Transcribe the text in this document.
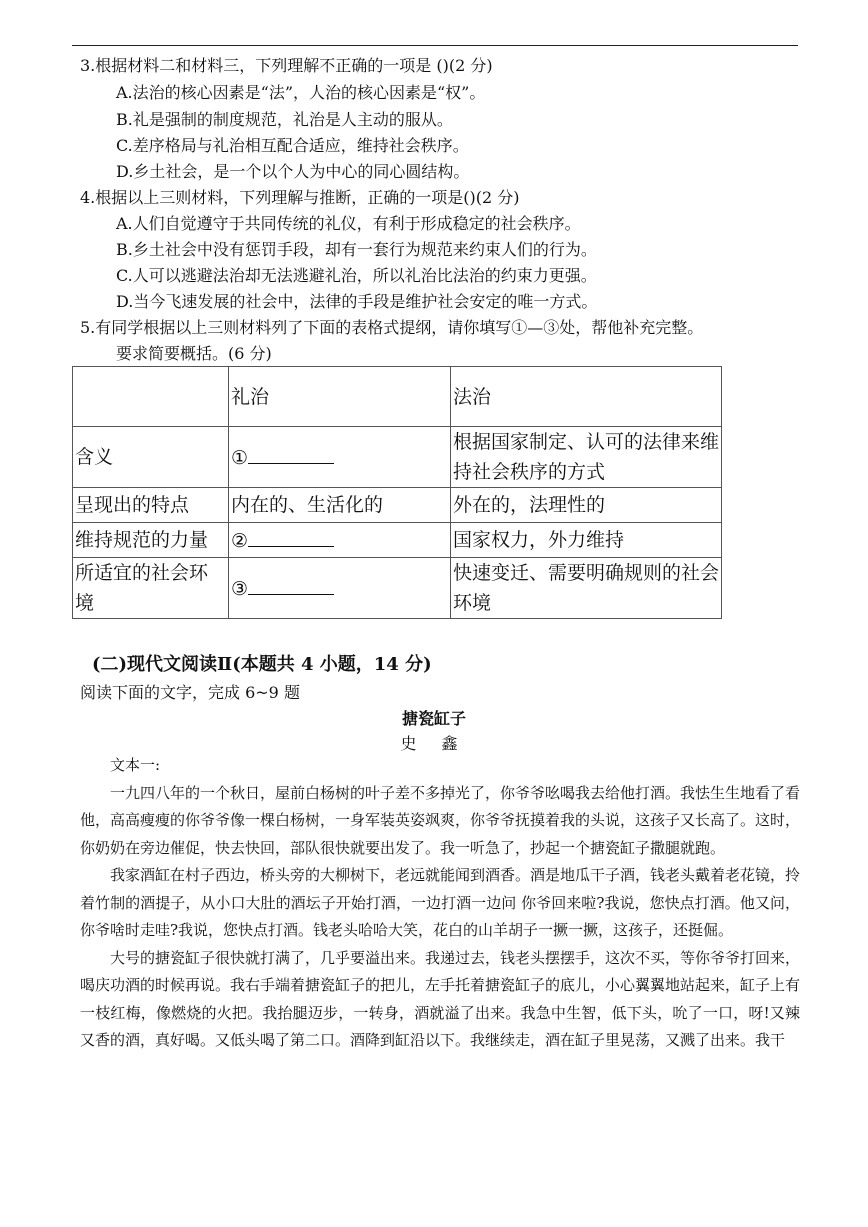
3.根据材料二和材料三，下列理解不正确的一项是 ()(2 分)
A.法治的核心因素是“法”，人治的核心因素是“权”。
B.礼是强制的制度规范，礼治是人主动的服从。
C.差序格局与礼治相互配合适应，维持社会秩序。
D.乡土社会，是一个以个人为中心的同心圆结构。
4.根据以上三则材料，下列理解与推断，正确的一项是()(2 分)
A.人们自觉遵守于共同传统的礼仪，有利于形成稳定的社会秩序。
B.乡土社会中没有惩罚手段，却有一套行为规范来约束人们的行为。
C.人可以逃避法治却无法逃避礼治，所以礼治比法治的约束力更强。
D.当今飞速发展的社会中，法律的手段是维护社会安定的唯一方式。
5.有同学根据以上三则材料列了下面的表格式提纲，请你填写①—③处，帮他补充完整。
要求简要概括。(6 分)
	礼治	法治
含义	①	根据国家制定、认可的法律来维持社会秩序的方式
呈现出的特点	内在的、生活化的	外在的，法理性的
维持规范的力量	②	国家权力，外力维持
所适宜的社会环境	③	快速变迁、需要明确规则的社会环境
(二)现代文阅读Ⅱ(本题共 4 小题，14 分)
阅读下面的文字，完成 6~9 题
搪瓷缸子
史 鑫

文本一:

一九四八年的一个秋日，屋前白杨树的叶子差不多掉光了，你爷爷吆喝我去给他打酒。我怯生生地看了看他，高高瘦瘦的你爷爷像一棵白杨树，一身军装英姿飒爽，你爷爷抚摸着我的头说，这孩子又长高了。这时，你奶奶在旁边催促，快去快回，部队很快就要出发了。我一听急了，抄起一个搪瓷缸子撒腿就跑。

我家酒缸在村子西边，桥头旁的大柳树下，老远就能闻到酒香。酒是地瓜干子酒，钱老头戴着老花镜，拎着竹制的酒提子，从小口大肚的酒坛子开始打酒，一边打酒一边问 你爷回来啦?我说，您快点打酒。他又问，你爷啥时走哇?我说，您快点打酒。钱老头哈哈大笑，花白的山羊胡子一撅一撅，这孩子，还挺倔。

大号的搪瓷缸子很快就打满了，几乎要溢出来。我递过去，钱老头摆摆手，这次不买，等你爷爷打回来，喝庆功酒的时候再说。我右手端着搪瓷缸子的把儿，左手托着搪瓷缸子的底儿，小心翼翼地站起来，缸子上有一枝红梅，像燃烧的火把。我抬腿迈步，一转身，酒就溢了出来。我急中生智，低下头，吮了一口，呀!又辣又香的酒，真好喝。又低头喝了第二口。酒降到缸沿以下。我继续走，酒在缸子里晃荡，又溅了出来。我干
